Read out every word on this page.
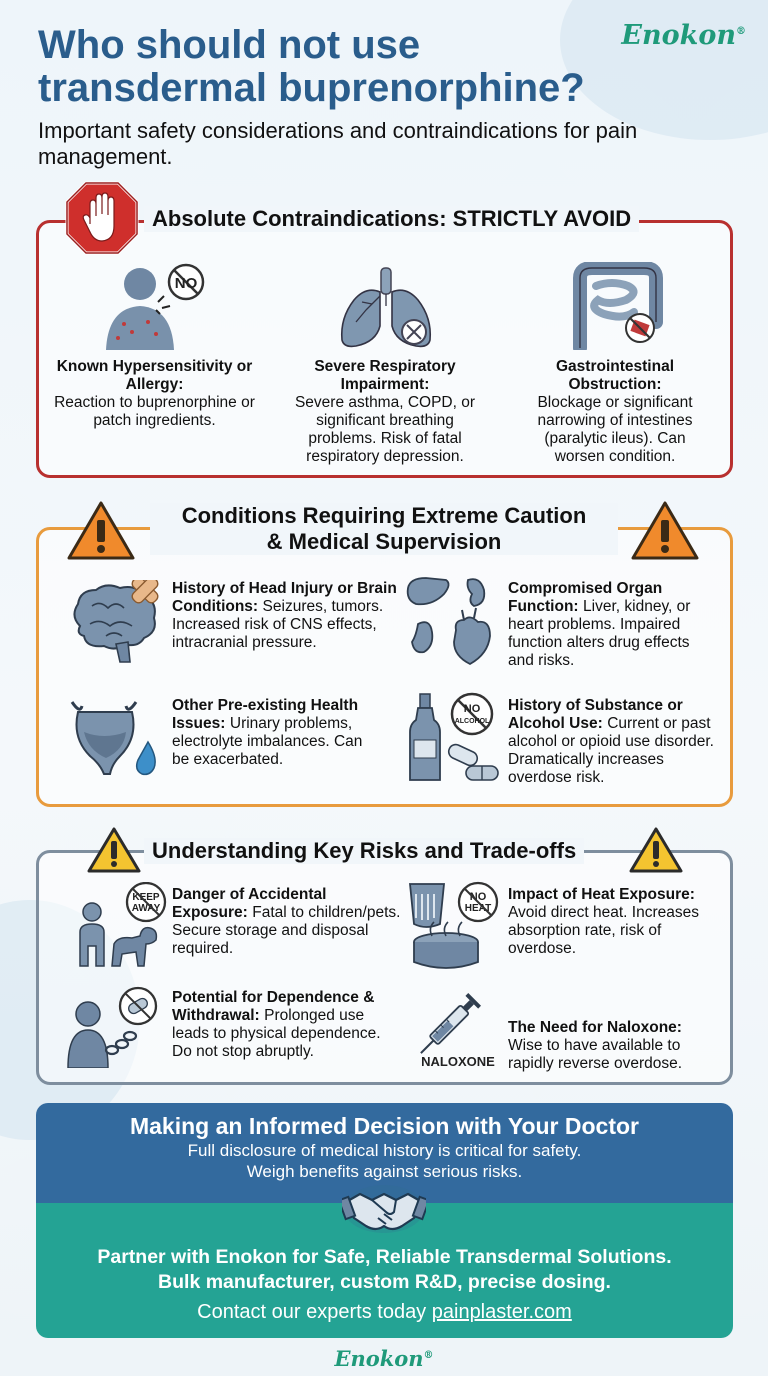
Enokon®
Who should not use transdermal buprenorphine?

Important safety considerations and contraindications for pain management.

Absolute Contraindications: STRICTLY AVOID
NO
Known Hypersensitivity or Allergy:
Reaction to buprenorphine or patch ingredients.
Severe Respiratory Impairment:
Severe asthma, COPD, or significant breathing problems. Risk of fatal respiratory depression.
Gastrointestinal Obstruction:
Blockage or significant narrowing of intestines (paralytic ileus). Can worsen condition.
Conditions Requiring Extreme Caution
& Medical Supervision
History of Head Injury or Brain Conditions: Seizures, tumors. Increased risk of CNS effects, intracranial pressure.
Compromised Organ Function: Liver, kidney, or heart problems. Impaired function alters drug effects and risks.
Other Pre-existing Health Issues: Urinary problems, electrolyte imbalances. Can be exacerbated.
NO
ALCOHOL
History of Substance or Alcohol Use: Current or past alcohol or opioid use disorder. Dramatically increases overdose risk.
Understanding Key Risks and Trade-offs
KEEP
AWAY
Danger of Accidental Exposure: Fatal to children/pets. Secure storage and disposal required.
NO
HEAT
Impact of Heat Exposure: Avoid direct heat. Increases absorption rate, risk of overdose.
Potential for Dependence & Withdrawal: Prolonged use leads to physical dependence. Do not stop abruptly.
NALOXONE
The Need for Naloxone: Wise to have available to rapidly reverse overdose.
Making an Informed Decision with Your Doctor
Full disclosure of medical history is critical for safety.
Weigh benefits against serious risks.
Partner with Enokon for Safe, Reliable Transdermal Solutions.
Bulk manufacturer, custom R&D, precise dosing.
Contact our experts today painplaster.com
Enokon®
